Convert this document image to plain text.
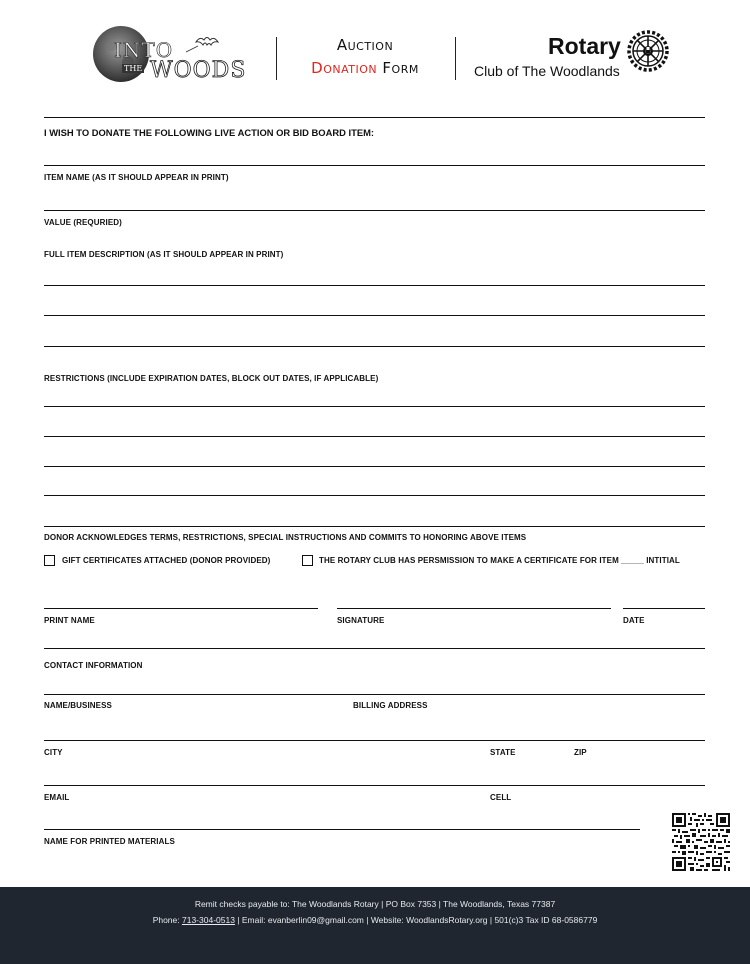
INTO
THE WOODS
Auction
Donation Form
Rotary
Club of The Woodlands
I WISH TO DONATE THE FOLLOWING LIVE ACTION OR BID BOARD ITEM:
ITEM NAME (AS IT SHOULD APPEAR IN PRINT)
VALUE (REQURIED)
FULL ITEM DESCRIPTION (AS IT SHOULD APPEAR IN PRINT)
RESTRICTIONS (INCLUDE EXPIRATION DATES, BLOCK OUT DATES, IF APPLICABLE)
DONOR ACKNOWLEDGES TERMS, RESTRICTIONS, SPECIAL INSTRUCTIONS AND COMMITS TO HONORING ABOVE ITEMS
GIFT CERTIFICATES ATTACHED (DONOR PROVIDED)	THE ROTARY CLUB HAS PERSMISSION TO MAKE A CERTIFICATE FOR ITEM _____ INTITIAL
PRINT NAME	SIGNATURE	DATE
CONTACT INFORMATION
NAME/BUSINESS	BILLING ADDRESS
CITY	STATE	ZIP
EMAIL	CELL
NAME FOR PRINTED MATERIALS
Remit checks payable to: The Woodlands Rotary | PO Box 7353 | The Woodlands, Texas 77387
Phone: 713-304-0513 | Email: evanberlin09@gmail.com | Website: WoodlandsRotary.org | 501(c)3 Tax ID 68-0586779
